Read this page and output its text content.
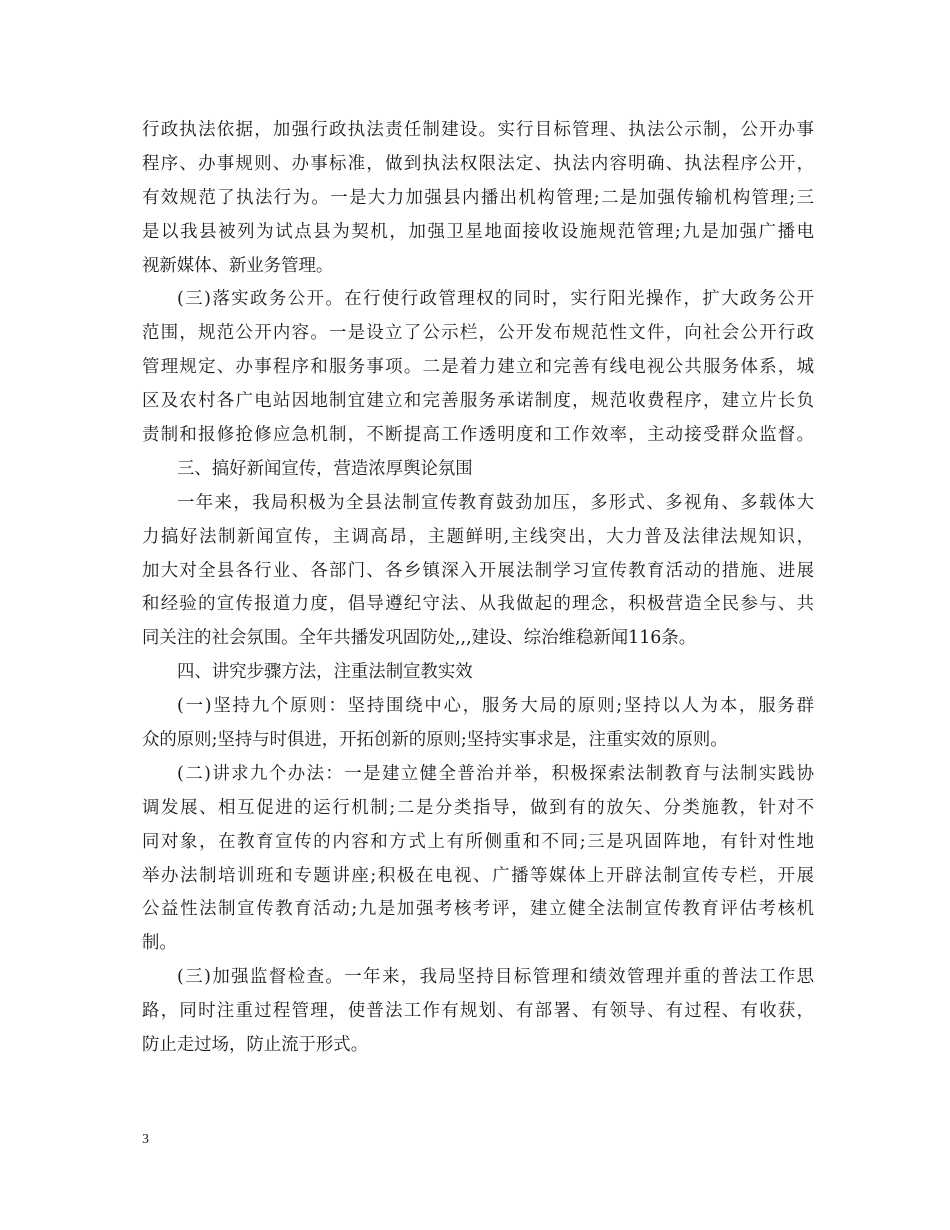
行政执法依据，加强行政执法责任制建设。实行目标管理、执法公示制，公开办事
程序、办事规则、办事标准，做到执法权限法定、执法内容明确、执法程序公开，
有效规范了执法行为。一是大力加强县内播出机构管理;二是加强传输机构管理;三
是以我县被列为试点县为契机，加强卫星地面接收设施规范管理;九是加强广播电
视新媒体、新业务管理。
(三)落实政务公开。在行使行政管理权的同时，实行阳光操作，扩大政务公开
范围，规范公开内容。一是设立了公示栏，公开发布规范性文件，向社会公开行政
管理规定、办事程序和服务事项。二是着力建立和完善有线电视公共服务体系，城
区及农村各广电站因地制宜建立和完善服务承诺制度，规范收费程序，建立片长负
责制和报修抢修应急机制，不断提高工作透明度和工作效率，主动接受群众监督。
三、搞好新闻宣传，营造浓厚舆论氛围
一年来，我局积极为全县法制宣传教育鼓劲加压，多形式、多视角、多载体大
力搞好法制新闻宣传，主调高昂，主题鲜明,主线突出，大力普及法律法规知识，
加大对全县各行业、各部门、各乡镇深入开展法制学习宣传教育活动的措施、进展
和经验的宣传报道力度，倡导遵纪守法、从我做起的理念，积极营造全民参与、共
同关注的社会氛围。全年共播发巩固防处,,,建设、综治维稳新闻116条。
四、讲究步骤方法，注重法制宣教实效
(一)坚持九个原则：坚持围绕中心，服务大局的原则;坚持以人为本，服务群
众的原则;坚持与时俱进，开拓创新的原则;坚持实事求是，注重实效的原则。
(二)讲求九个办法：一是建立健全普治并举，积极探索法制教育与法制实践协
调发展、相互促进的运行机制;二是分类指导，做到有的放矢、分类施教，针对不
同对象，在教育宣传的内容和方式上有所侧重和不同;三是巩固阵地，有针对性地
举办法制培训班和专题讲座;积极在电视、广播等媒体上开辟法制宣传专栏，开展
公益性法制宣传教育活动;九是加强考核考评，建立健全法制宣传教育评估考核机
制。
(三)加强监督检查。一年来，我局坚持目标管理和绩效管理并重的普法工作思
路，同时注重过程管理，使普法工作有规划、有部署、有领导、有过程、有收获，
防止走过场，防止流于形式。
3
